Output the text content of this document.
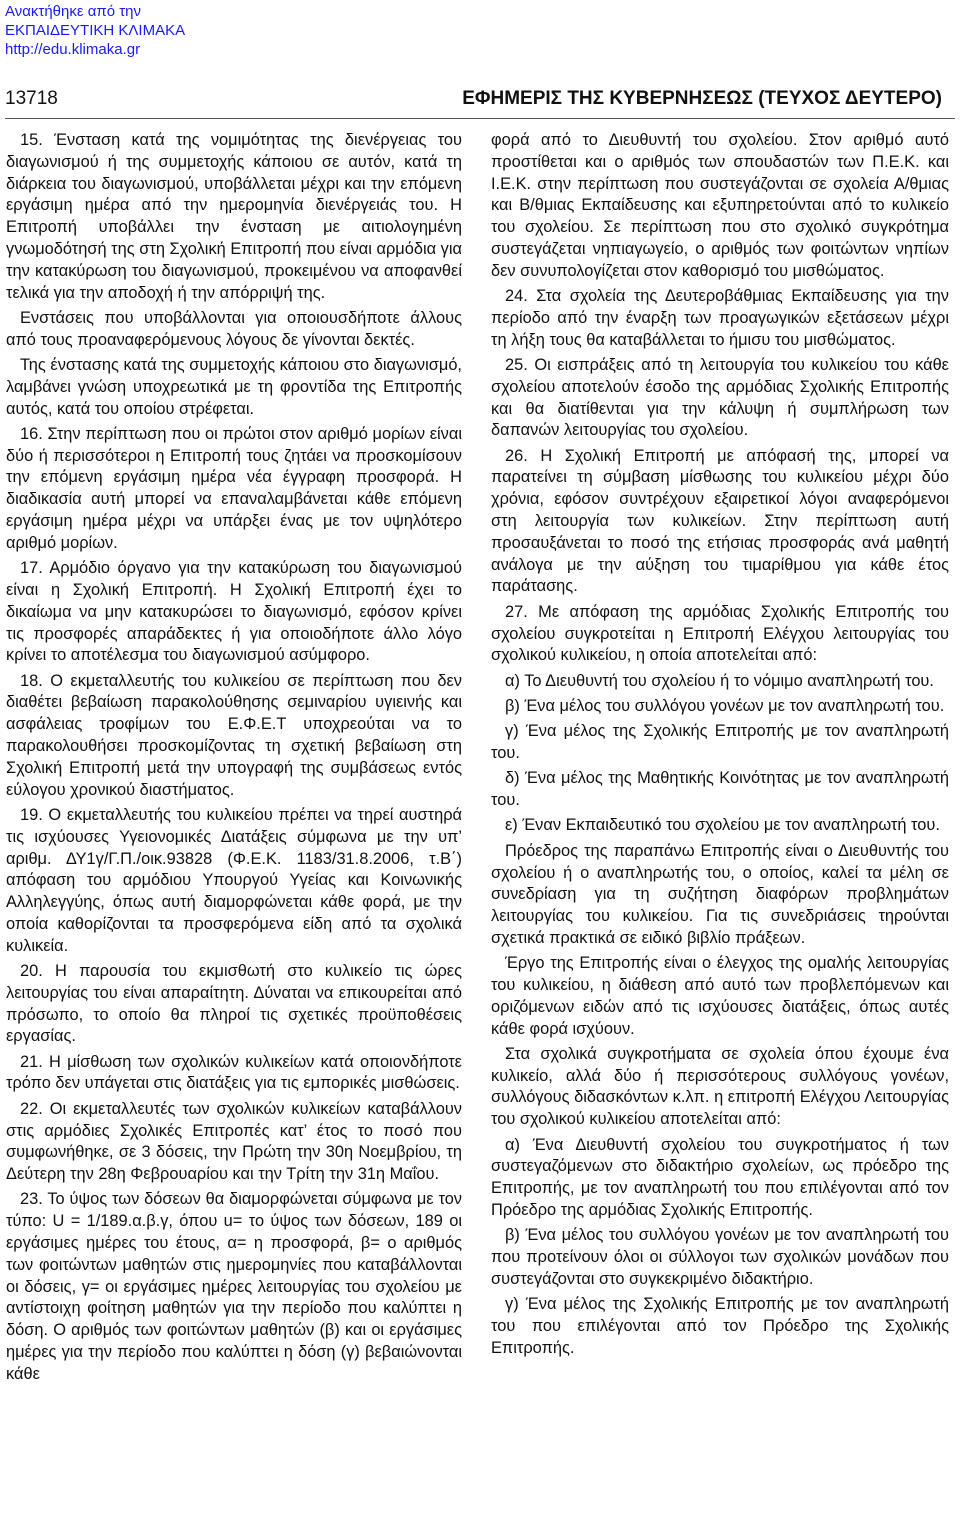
Ανακτήθηκε από την
ΕΚΠΑΙΔΕΥΤΙΚΗ ΚΛΙΜΑΚΑ
http://edu.klimaka.gr
13718	ΕΦΗΜΕΡΙΣ ΤΗΣ ΚΥΒΕΡΝΗΣΕΩΣ (ΤΕΥΧΟΣ ΔΕΥΤΕΡΟ)

15. Ένσταση κατά της νομιμότητας της διενέργειας του διαγωνισμού ή της συμμετοχής κάποιου σε αυτόν, κατά τη διάρκεια του διαγωνισμού, υποβάλλεται μέχρι και την επόμενη εργάσιμη ημέρα από την ημερομηνία διενέργειάς του. Η Επιτροπή υποβάλλει την ένσταση με αιτιολογημένη γνωμοδότησή της στη Σχολική Επιτροπή που είναι αρμόδια για την κατακύρωση του διαγωνισμού, προκειμένου να αποφανθεί τελικά για την αποδοχή ή την απόρριψή της.

Ενστάσεις που υποβάλλονται για οποιουσδήποτε άλλους από τους προαναφερόμενους λόγους δε γίνονται δεκτές.

Της ένστασης κατά της συμμετοχής κάποιου στο διαγωνισμό, λαμβάνει γνώση υποχρεωτικά με τη φροντίδα της Επιτροπής αυτός, κατά του οποίου στρέφεται.

16. Στην περίπτωση που οι πρώτοι στον αριθμό μορίων είναι δύο ή περισσότεροι η Επιτροπή τους ζητάει να προσκομίσουν την επόμενη εργάσιμη ημέρα νέα έγγραφη προσφορά. Η διαδικασία αυτή μπορεί να επαναλαμβάνεται κάθε επόμενη εργάσιμη ημέρα μέχρι να υπάρξει ένας με τον υψηλότερο αριθμό μορίων.

17. Αρμόδιο όργανο για την κατακύρωση του διαγωνισμού είναι η Σχολική Επιτροπή. Η Σχολική Επιτροπή έχει το δικαίωμα να μην κατακυρώσει το διαγωνισμό, εφόσον κρίνει τις προσφορές απαράδεκτες ή για οποιοδήποτε άλλο λόγο κρίνει το αποτέλεσμα του διαγωνισμού ασύμφορο.

18. Ο εκμεταλλευτής του κυλικείου σε περίπτωση που δεν διαθέτει βεβαίωση παρακολούθησης σεμιναρίου υγιεινής και ασφάλειας τροφίμων του Ε.Φ.Ε.Τ υποχρεούται να το παρακολουθήσει προσκομίζοντας τη σχετική βεβαίωση στη Σχολική Επιτροπή μετά την υπογραφή της συμβάσεως εντός εύλογου χρονικού διαστήματος.

19. Ο εκμεταλλευτής του κυλικείου πρέπει να τηρεί αυστηρά τις ισχύουσες Υγειονομικές Διατάξεις σύμφωνα με την υπ’ αριθμ. ΔΥ1γ/Γ.Π./οικ.93828 (Φ.Ε.Κ. 1183/31.8.2006, τ.Β΄) απόφαση του αρμόδιου Υπουργού Υγείας και Κοινωνικής Αλληλεγγύης, όπως αυτή διαμορφώνεται κάθε φορά, με την οποία καθορίζονται τα προσφερόμενα είδη από τα σχολικά κυλικεία.

20. Η παρουσία του εκμισθωτή στο κυλικείο τις ώρες λειτουργίας του είναι απαραίτητη. Δύναται να επικουρείται από πρόσωπο, το οποίο θα πληροί τις σχετικές προϋποθέσεις εργασίας.

21. Η μίσθωση των σχολικών κυλικείων κατά οποιονδήποτε τρόπο δεν υπάγεται στις διατάξεις για τις εμπορικές μισθώσεις.

22. Οι εκμεταλλευτές των σχολικών κυλικείων καταβάλλουν στις αρμόδιες Σχολικές Επιτροπές κατ’ έτος το ποσό που συμφωνήθηκε, σε 3 δόσεις, την Πρώτη την 30η Νοεμβρίου, τη Δεύτερη την 28η Φεβρουαρίου και την Τρίτη την 31η Μαΐου.

23. Το ύψος των δόσεων θα διαμορφώνεται σύμφωνα με τον τύπο: U = 1/189.α.β.γ, όπου u= το ύψος των δόσεων, 189 οι εργάσιμες ημέρες του έτους, α= η προσφορά, β= ο αριθμός των φοιτώντων μαθητών στις ημερομηνίες που καταβάλλονται οι δόσεις, γ= οι εργάσιμες ημέρες λειτουργίας του σχολείου με αντίστοιχη φοίτηση μαθητών για την περίοδο που καλύπτει η δόση. Ο αριθμός των φοιτώντων μαθητών (β) και οι εργάσιμες ημέρες για την περίοδο που καλύπτει η δόση (γ) βεβαιώνονται κάθε

φορά από το Διευθυντή του σχολείου. Στον αριθμό αυτό προστίθεται και ο αριθμός των σπουδαστών των Π.Ε.Κ. και Ι.Ε.Κ. στην περίπτωση που συστεγάζονται σε σχολεία Α/θμιας και Β/θμιας Εκπαίδευσης και εξυπηρετούνται από το κυλικείο του σχολείου. Σε περίπτωση που στο σχολικό συγκρότημα συστεγάζεται νηπιαγωγείο, ο αριθμός των φοιτώντων νηπίων δεν συνυπολογίζεται στον καθορισμό του μισθώματος.

24. Στα σχολεία της Δευτεροβάθμιας Εκπαίδευσης για την περίοδο από την έναρξη των προαγωγικών εξετάσεων μέχρι τη λήξη τους θα καταβάλλεται το ήμισυ του μισθώματος.

25. Οι εισπράξεις από τη λειτουργία του κυλικείου του κάθε σχολείου αποτελούν έσοδο της αρμόδιας Σχολικής Επιτροπής και θα διατίθενται για την κάλυψη ή συμπλήρωση των δαπανών λειτουργίας του σχολείου.

26. Η Σχολική Επιτροπή με απόφασή της, μπορεί να παρατείνει τη σύμβαση μίσθωσης του κυλικείου μέχρι δύο χρόνια, εφόσον συντρέχουν εξαιρετικοί λόγοι αναφερόμενοι στη λειτουργία των κυλικείων. Στην περίπτωση αυτή προσαυξάνεται το ποσό της ετήσιας προσφοράς ανά μαθητή ανάλογα με την αύξηση του τιμαρίθμου για κάθε έτος παράτασης.

27. Με απόφαση της αρμόδιας Σχολικής Επιτροπής του σχολείου συγκροτείται η Επιτροπή Ελέγχου λειτουργίας του σχολικού κυλικείου, η οποία αποτελείται από:

α) Το Διευθυντή του σχολείου ή το νόμιμο αναπληρωτή του.

β) Ένα μέλος του συλλόγου γονέων με τον αναπληρωτή του.

γ) Ένα μέλος της Σχολικής Επιτροπής με τον αναπληρωτή του.

δ) Ένα μέλος της Μαθητικής Κοινότητας με τον αναπληρωτή του.

ε) Έναν Εκπαιδευτικό του σχολείου με τον αναπληρωτή του.

Πρόεδρος της παραπάνω Επιτροπής είναι ο Διευθυντής του σχολείου ή ο αναπληρωτής του, ο οποίος, καλεί τα μέλη σε συνεδρίαση για τη συζήτηση διαφόρων προβλημάτων λειτουργίας του κυλικείου. Για τις συνεδριάσεις τηρούνται σχετικά πρακτικά σε ειδικό βιβλίο πράξεων.

Έργο της Επιτροπής είναι ο έλεγχος της ομαλής λειτουργίας του κυλικείου, η διάθεση από αυτό των προβλεπόμενων και οριζόμενων ειδών από τις ισχύουσες διατάξεις, όπως αυτές κάθε φορά ισχύουν.

Στα σχολικά συγκροτήματα σε σχολεία όπου έχουμε ένα κυλικείο, αλλά δύο ή περισσότερους συλλόγους γονέων, συλλόγους διδασκόντων κ.λπ. η επιτροπή Ελέγχου Λειτουργίας του σχολικού κυλικείου αποτελείται από:

α) Ένα Διευθυντή σχολείου του συγκροτήματος ή των συστεγαζόμενων στο διδακτήριο σχολείων, ως πρόεδρο της Επιτροπής, με τον αναπληρωτή του που επιλέγονται από τον Πρόεδρο της αρμόδιας Σχολικής Επιτροπής.

β) Ένα μέλος του συλλόγου γονέων με τον αναπληρωτή του που προτείνουν όλοι οι σύλλογοι των σχολικών μονάδων που συστεγάζονται στο συγκεκριμένο διδακτήριο.

γ) Ένα μέλος της Σχολικής Επιτροπής με τον αναπληρωτή του που επιλέγονται από τον Πρόεδρο της Σχολικής Επιτροπής.
